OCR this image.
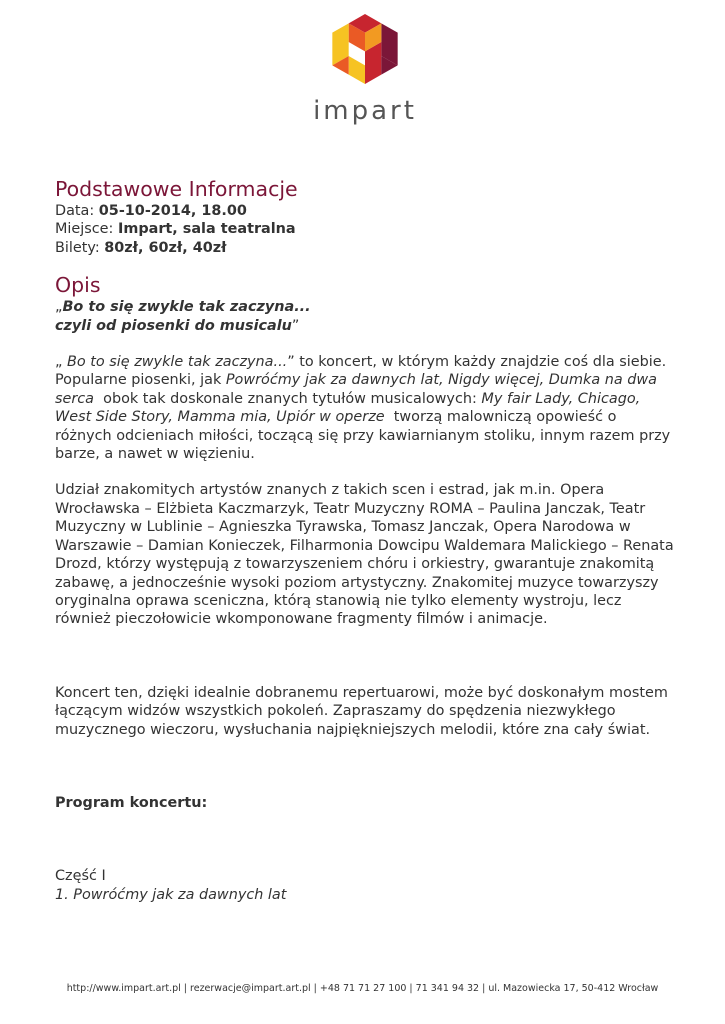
impart
Podstawowe Informacje

Data: 05-10-2014, 18.00

Miejsce: Impart, sala teatralna

Bilety: 80zł, 60zł, 40zł

Opis

„Bo to się zwykle tak zaczyna...

czyli od piosenki do musicalu”

„ Bo to się zwykle tak zaczyna...” to koncert, w którym każdy znajdzie coś dla siebie. Popularne piosenki, jak Powróćmy jak za dawnych lat, Nigdy więcej, Dumka na dwa serca  obok tak doskonale znanych tytułów musicalowych: My fair Lady, Chicago, West Side Story, Mamma mia, Upiór w operze  tworzą malowniczą opowieść o różnych odcieniach miłości, toczącą się przy kawiarnianym stoliku, innym razem przy barze, a nawet w więzieniu.

Udział znakomitych artystów znanych z takich scen i estrad, jak m.in. Opera Wrocławska – Elżbieta Kaczmarzyk, Teatr Muzyczny ROMA – Paulina Janczak, Teatr Muzyczny w Lublinie – Agnieszka Tyrawska, Tomasz Janczak, Opera Narodowa w Warszawie – Damian Konieczek, Filharmonia Dowcipu Waldemara Malickiego – Renata Drozd, którzy występują z towarzyszeniem chóru i orkiestry, gwarantuje znakomitą zabawę, a jednocześnie wysoki poziom artystyczny. Znakomitej muzyce towarzyszy oryginalna oprawa sceniczna, którą stanowią nie tylko elementy wystroju, lecz również pieczołowicie wkomponowane fragmenty filmów i animacje.

Koncert ten, dzięki idealnie dobranemu repertuarowi, może być doskonałym mostem łączącym widzów wszystkich pokoleń. Zapraszamy do spędzenia niezwykłego muzycznego wieczoru, wysłuchania najpiękniejszych melodii, które zna cały świat.

Program koncertu:

Część I

1. Powróćmy jak za dawnych lat

http://www.impart.art.pl | rezerwacje@impart.art.pl | +48 71 71 27 100 | 71 341 94 32 | ul. Mazowiecka 17, 50-412 Wrocław
